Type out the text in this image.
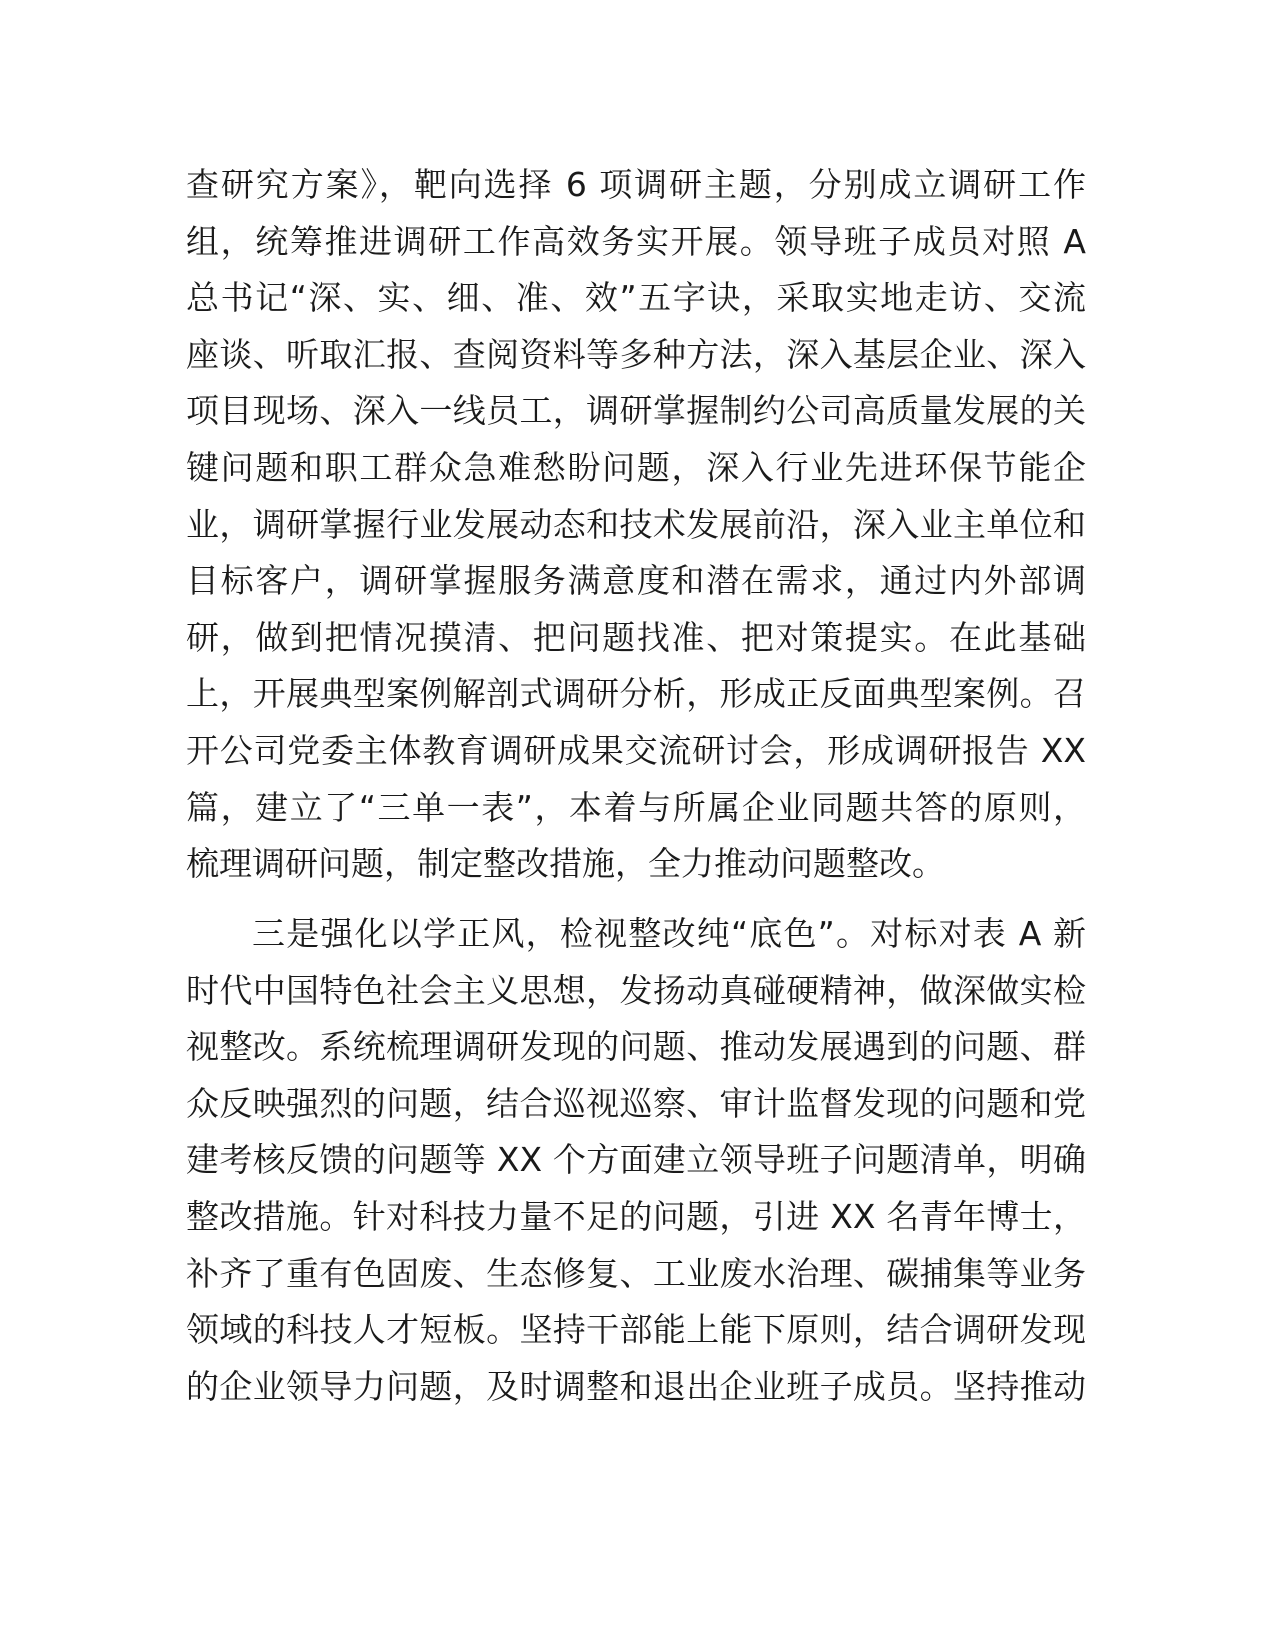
查研究方案》，靶向选择 6 项调研主题，分别成立调研工作
组，统筹推进调研工作高效务实开展。领导班子成员对照 A
总书记“深、实、细、准、效”五字诀，采取实地走访、交流
座谈、听取汇报、查阅资料等多种方法，深入基层企业、深入
项目现场、深入一线员工，调研掌握制约公司高质量发展的关
键问题和职工群众急难愁盼问题，深入行业先进环保节能企
业，调研掌握行业发展动态和技术发展前沿，深入业主单位和
目标客户，调研掌握服务满意度和潜在需求，通过内外部调
研，做到把情况摸清、把问题找准、把对策提实。在此基础
上，开展典型案例解剖式调研分析，形成正反面典型案例。召
开公司党委主体教育调研成果交流研讨会，形成调研报告 XX
篇，建立了“三单一表”，本着与所属企业同题共答的原则，
梳理调研问题，制定整改措施，全力推动问题整改。
三是强化以学正风，检视整改纯“底色”。对标对表 A 新
时代中国特色社会主义思想，发扬动真碰硬精神，做深做实检
视整改。系统梳理调研发现的问题、推动发展遇到的问题、群
众反映强烈的问题，结合巡视巡察、审计监督发现的问题和党
建考核反馈的问题等 XX 个方面建立领导班子问题清单，明确
整改措施。针对科技力量不足的问题，引进 XX 名青年博士，
补齐了重有色固废、生态修复、工业废水治理、碳捕集等业务
领域的科技人才短板。坚持干部能上能下原则，结合调研发现
的企业领导力问题，及时调整和退出企业班子成员。坚持推动
